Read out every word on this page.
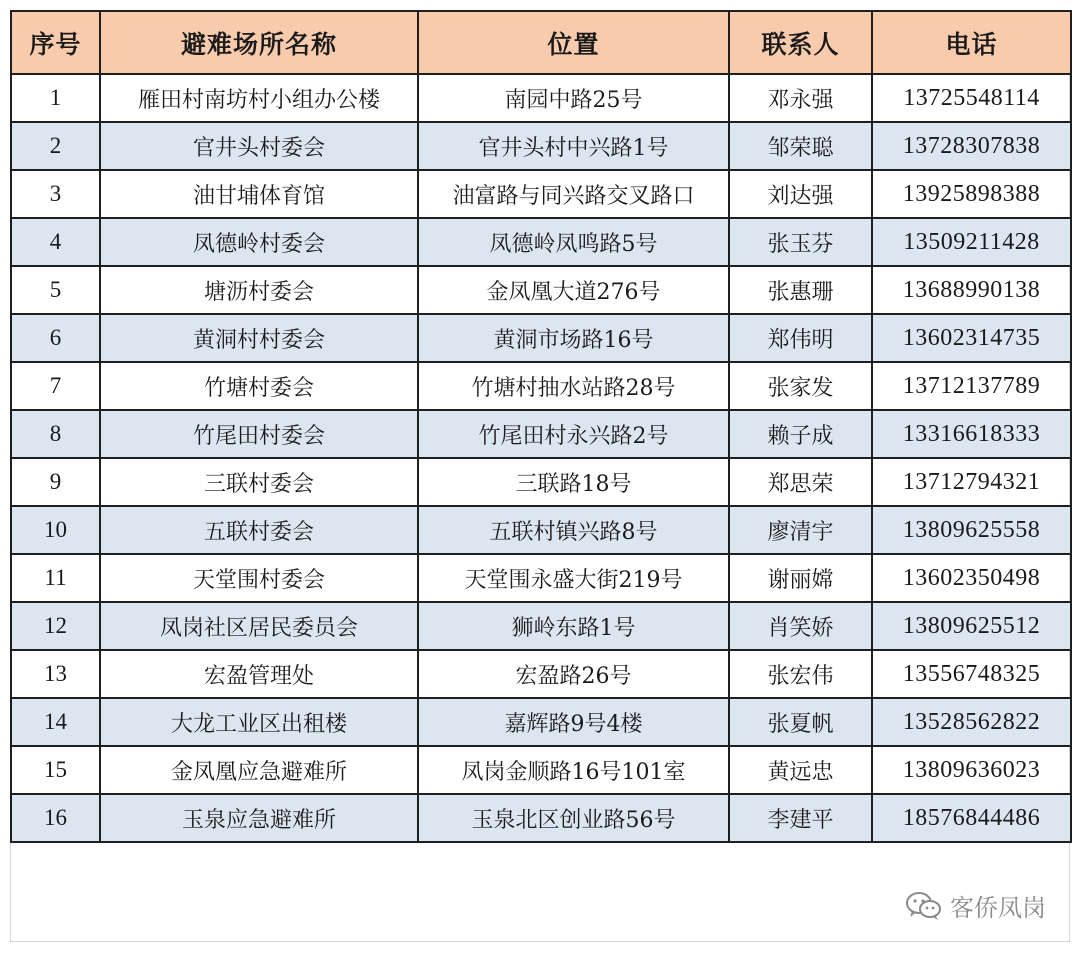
序号	避难场所名称	位置	联系人	电话
1	雁田村南坊村小组办公楼	南园中路25号	邓永强	13725548114
2	官井头村委会	官井头村中兴路1号	邹荣聪	13728307838
3	油甘埔体育馆	油富路与同兴路交叉路口	刘达强	13925898388
4	凤德岭村委会	凤德岭凤鸣路5号	张玉芬	13509211428
5	塘沥村委会	金凤凰大道276号	张惠珊	13688990138
6	黄洞村村委会	黄洞市场路16号	郑伟明	13602314735
7	竹塘村委会	竹塘村抽水站路28号	张家发	13712137789
8	竹尾田村委会	竹尾田村永兴路2号	赖子成	13316618333
9	三联村委会	三联路18号	郑思荣	13712794321
10	五联村委会	五联村镇兴路8号	廖清宇	13809625558
11	天堂围村委会	天堂围永盛大街219号	谢丽嫦	13602350498
12	凤岗社区居民委员会	狮岭东路1号	肖笑娇	13809625512
13	宏盈管理处	宏盈路26号	张宏伟	13556748325
14	大龙工业区出租楼	嘉辉路9号4楼	张夏帆	13528562822
15	金凤凰应急避难所	凤岗金顺路16号101室	黄远忠	13809636023
16	玉泉应急避难所	玉泉北区创业路56号	李建平	18576844486
客侨凤岗
